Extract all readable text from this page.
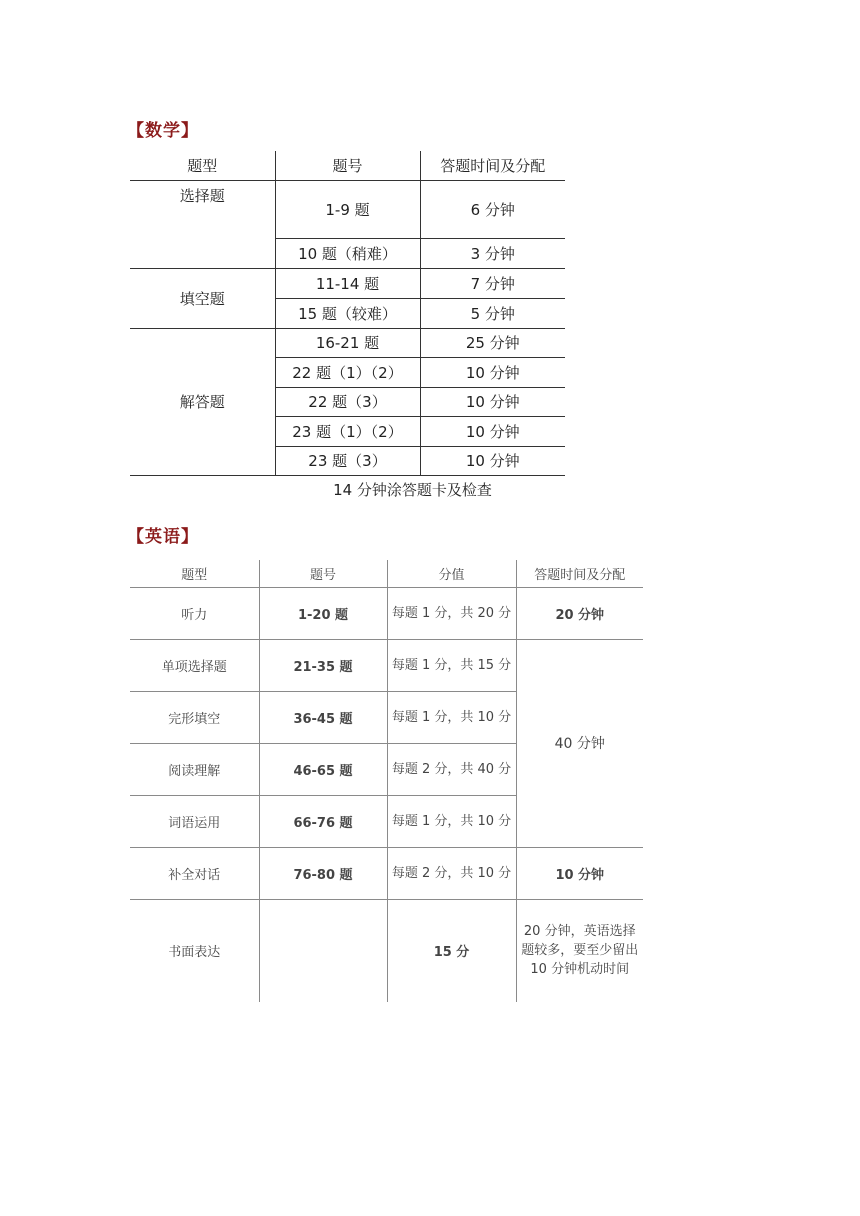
【数学】
题型	题号	答题时间及分配
选择题	1-9 题	6 分钟
	10 题（稍难）	3 分钟
填空题	11-14 题	7 分钟
	15 题（较难）	5 分钟
解答题	16-21 题	25 分钟
	22 题（1）（2）	10 分钟
	22 题（3）	10 分钟
	23 题（1）（2）	10 分钟
	23 题（3）	10 分钟
14 分钟涂答题卡及检查		
【英语】
题型	题号	分值	答题时间及分配
听力	1-20 题	每题 1 分，共 20 分	20 分钟
单项选择题	21-35 题	每题 1 分，共 15 分	40 分钟
完形填空	36-45 题	每题 1 分，共 10 分	
阅读理解	46-65 题	每题 2 分，共 40 分	
词语运用	66-76 题	每题 1 分，共 10 分	
补全对话	76-80 题	每题 2 分，共 10 分	10 分钟
书面表达		15 分	20 分钟，英语选择题较多，要至少留出 10 分钟机动时间
